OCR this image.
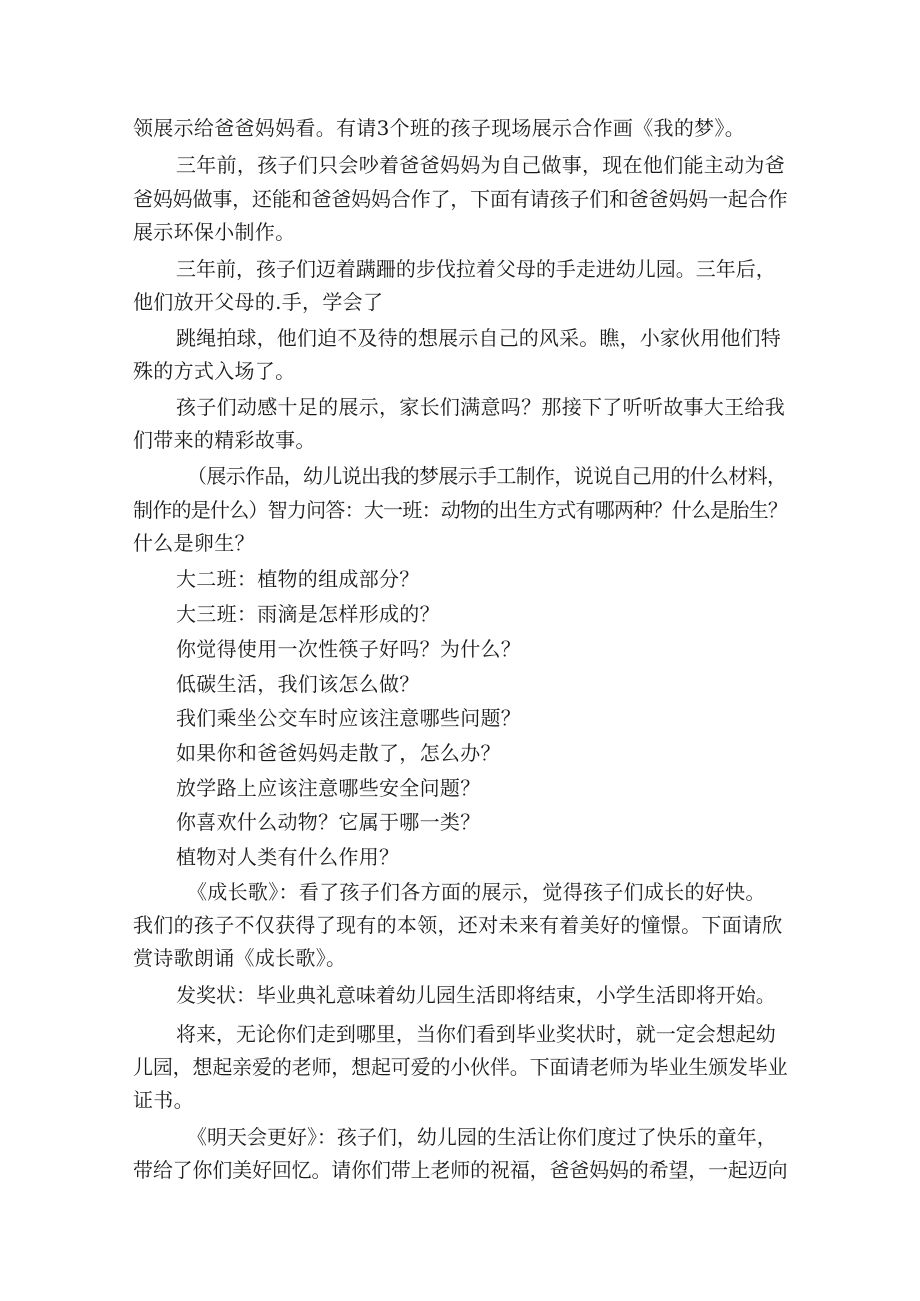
领展示给爸爸妈妈看。有请3个班的孩子现场展示合作画《我的梦》。
三年前，孩子们只会吵着爸爸妈妈为自己做事，现在他们能主动为爸
爸妈妈做事，还能和爸爸妈妈合作了，下面有请孩子们和爸爸妈妈一起合作
展示环保小制作。
三年前，孩子们迈着蹒跚的步伐拉着父母的手走进幼儿园。三年后，
他们放开父母的.手，学会了
跳绳拍球，他们迫不及待的想展示自己的风采。瞧，小家伙用他们特
殊的方式入场了。
孩子们动感十足的展示，家长们满意吗？那接下了听听故事大王给我
们带来的精彩故事。
（展示作品，幼儿说出我的梦展示手工制作，说说自己用的什么材料，
制作的是什么）智力问答：大一班：动物的出生方式有哪两种？什么是胎生？
什么是卵生？
大二班：植物的组成部分？
大三班：雨滴是怎样形成的？
你觉得使用一次性筷子好吗？为什么？
低碳生活，我们该怎么做？
我们乘坐公交车时应该注意哪些问题？
如果你和爸爸妈妈走散了，怎么办？
放学路上应该注意哪些安全问题？
你喜欢什么动物？它属于哪一类？
植物对人类有什么作用？
《成长歌》：看了孩子们各方面的展示，觉得孩子们成长的好快。
我们的孩子不仅获得了现有的本领，还对未来有着美好的憧憬。下面请欣
赏诗歌朗诵《成长歌》。
发奖状：毕业典礼意味着幼儿园生活即将结束，小学生活即将开始。
将来，无论你们走到哪里，当你们看到毕业奖状时，就一定会想起幼
儿园，想起亲爱的老师，想起可爱的小伙伴。下面请老师为毕业生颁发毕业
证书。
《明天会更好》：孩子们，幼儿园的生活让你们度过了快乐的童年，
带给了你们美好回忆。请你们带上老师的祝福，爸爸妈妈的希望，一起迈向
